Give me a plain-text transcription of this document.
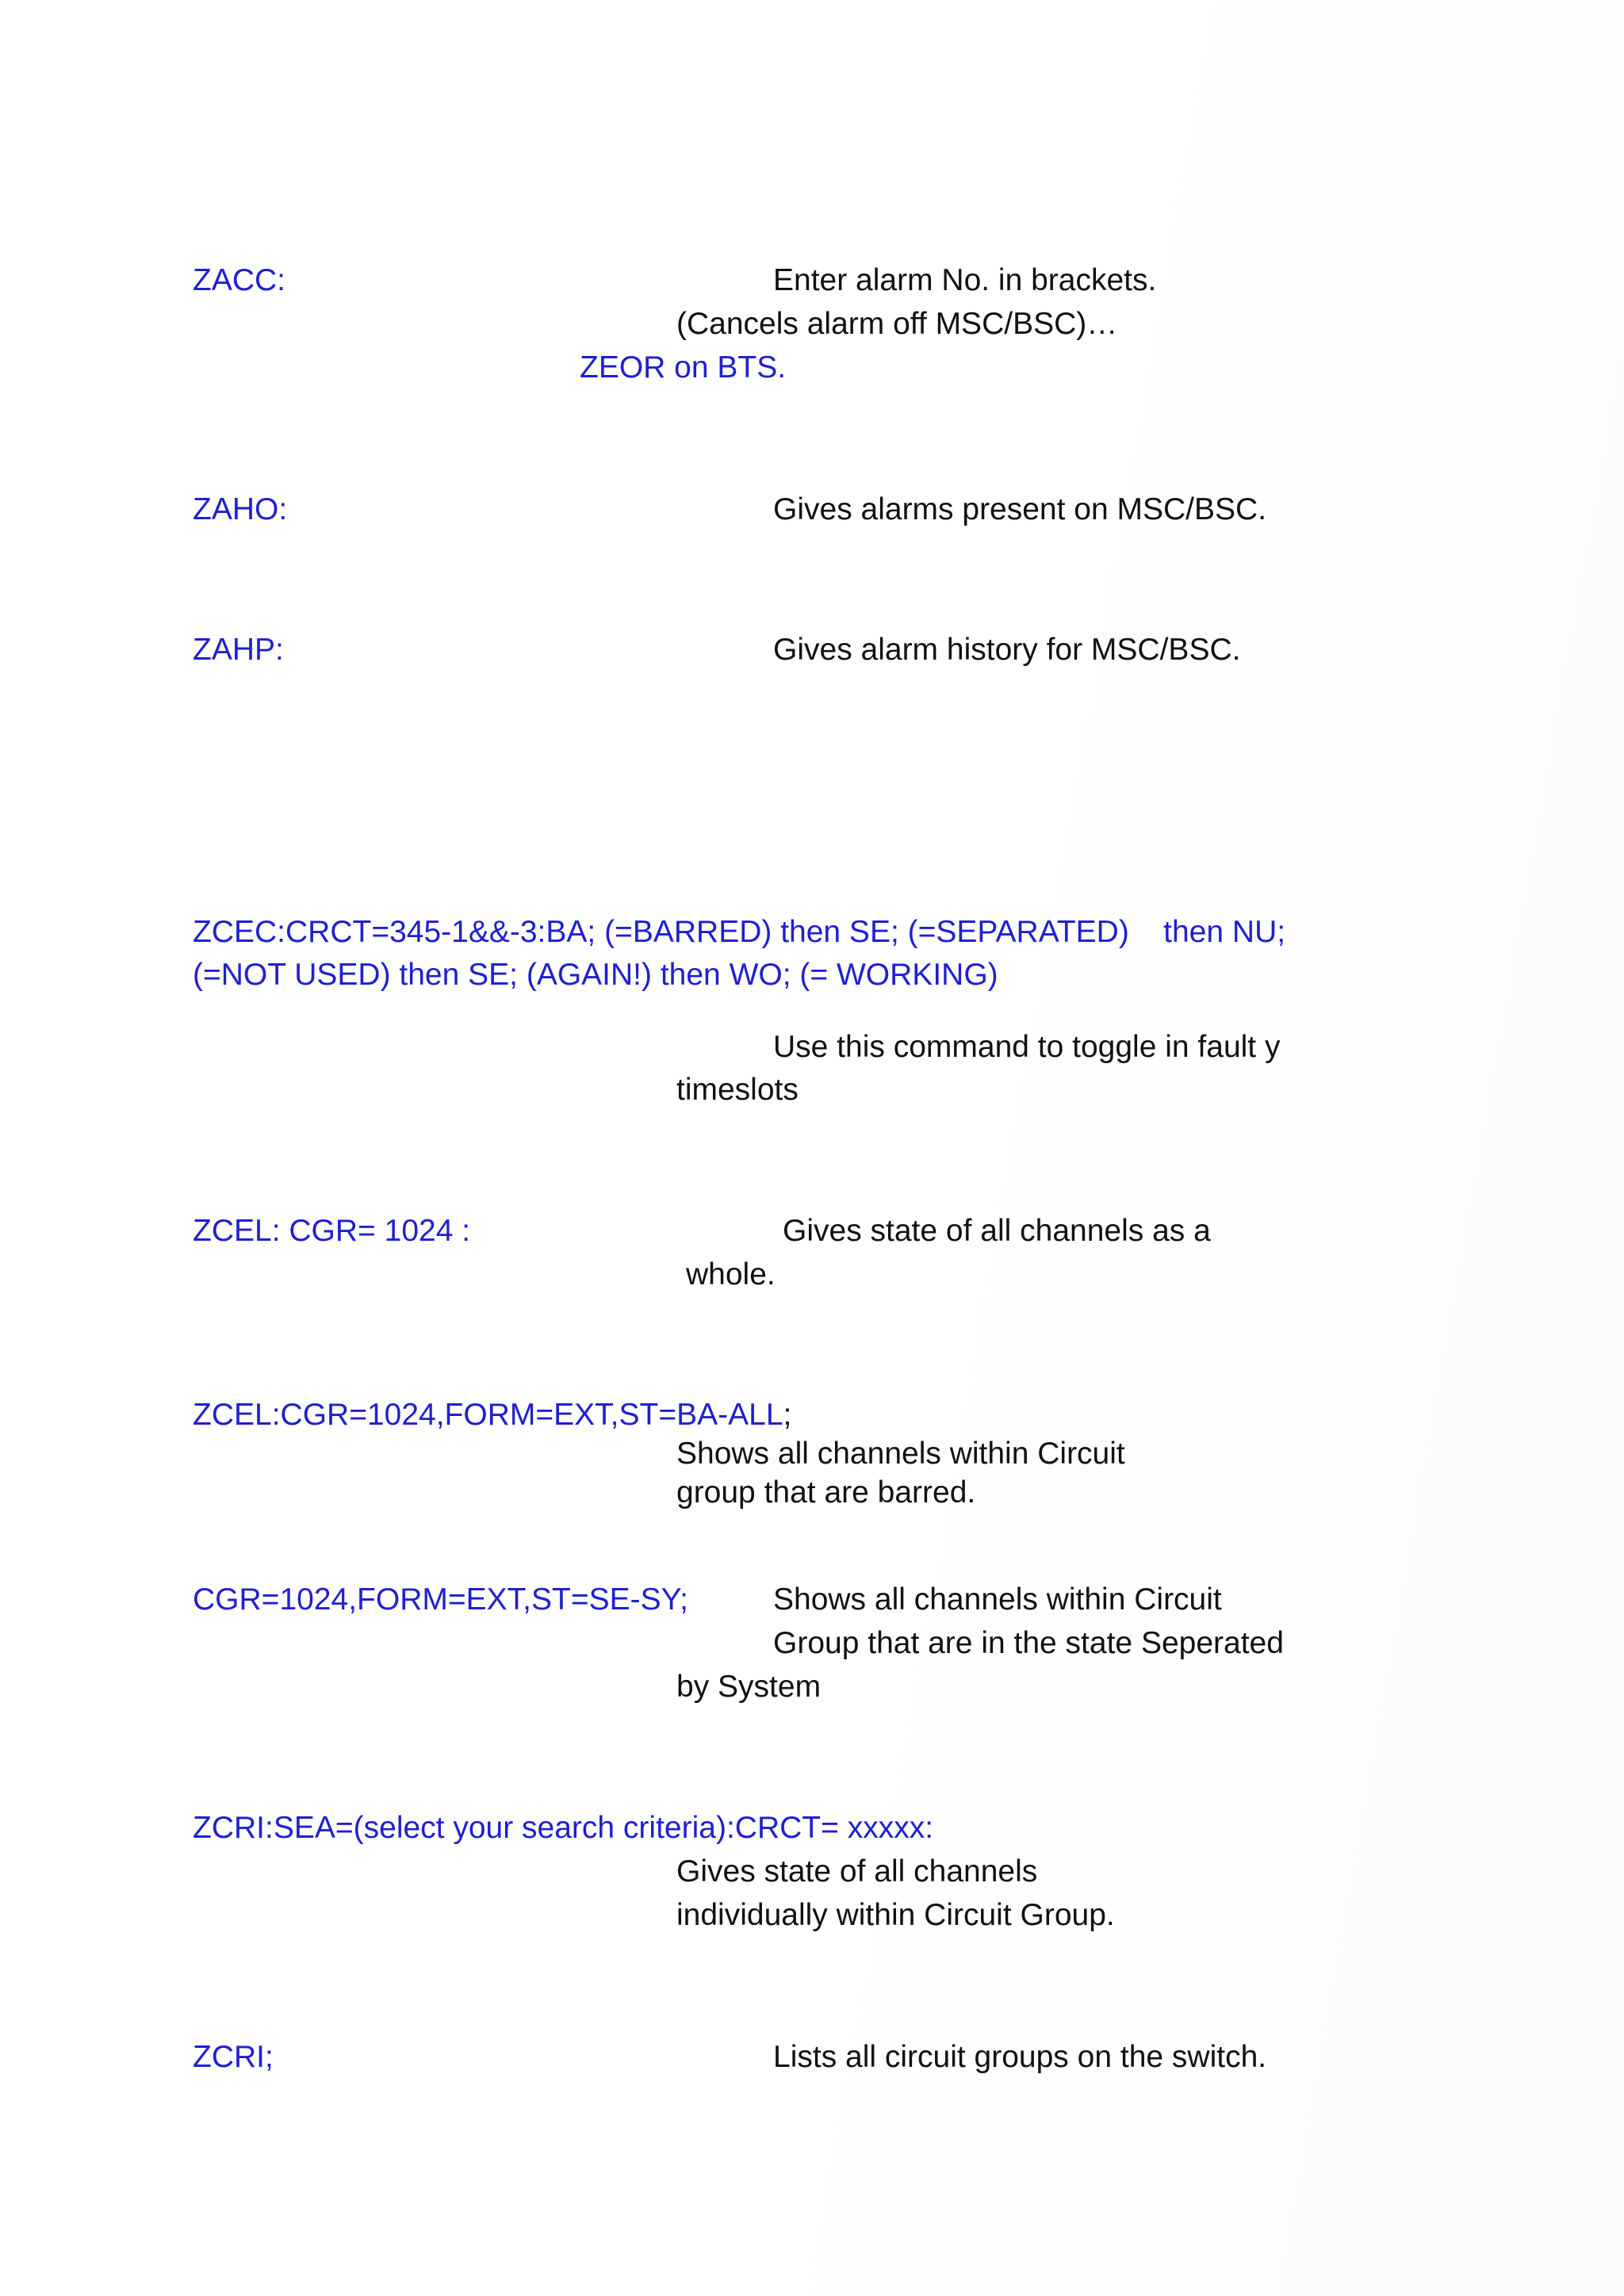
ZACC:	Enter alarm No. in brackets.
(Cancels alarm off MSC/BSC)…
ZEOR on BTS.
ZAHO:	Gives alarms present on MSC/BSC.
ZAHP:	Gives alarm history for MSC/BSC.
ZCEC:CRCT=345-1&&-3:BA; (=BARRED) then SE; (=SEPARATED)    then NU;
(=NOT USED) then SE; (AGAIN!) then WO; (= WORKING)
Use this command to toggle in fault y
timeslots
ZCEL: CGR= 1024 :	Gives state of all channels as a
whole.
ZCEL:CGR=1024,FORM=EXT,ST=BA-ALL;
Shows all channels within Circuit
group that are barred.
CGR=1024,FORM=EXT,ST=SE-SY;	Shows all channels within Circuit
Group that are in the state Seperated
by System
ZCRI:SEA=(select your search criteria):CRCT= xxxxx:
Gives state of all channels
individually within Circuit Group.
ZCRI;	Lists all circuit groups on the switch.
